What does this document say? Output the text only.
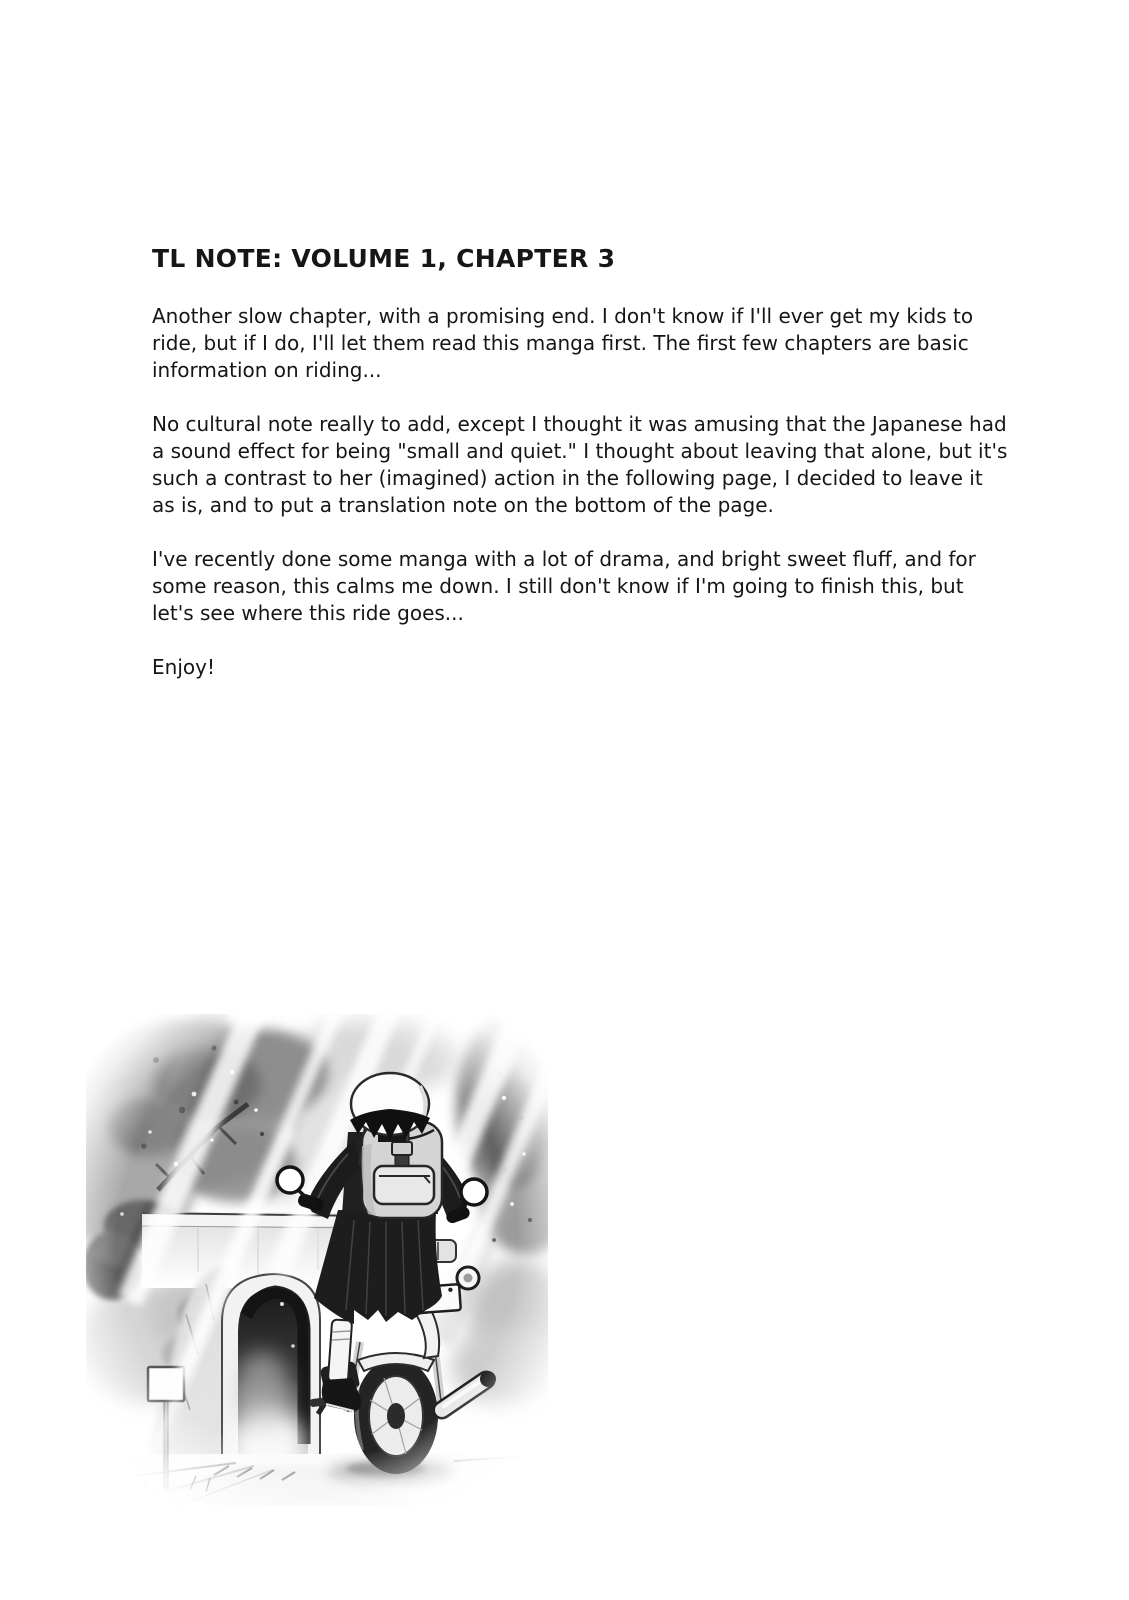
TL NOTE: VOLUME 1, CHAPTER 3

Another slow chapter, with a promising end. I don't know if I'll ever get my kids to ride, but if I do, I'll let them read this manga first. The first few chapters are basic information on riding...

No cultural note really to add, except I thought it was amusing that the Japanese had a sound effect for being "small and quiet." I thought about leaving that alone, but it's such a contrast to her (imagined) action in the following page, I decided to leave it as is, and to put a translation note on the bottom of the page.

I've recently done some manga with a lot of drama, and bright sweet fluff, and for some reason, this calms me down. I still don't know if I'm going to finish this, but let's see where this ride goes...

Enjoy!
